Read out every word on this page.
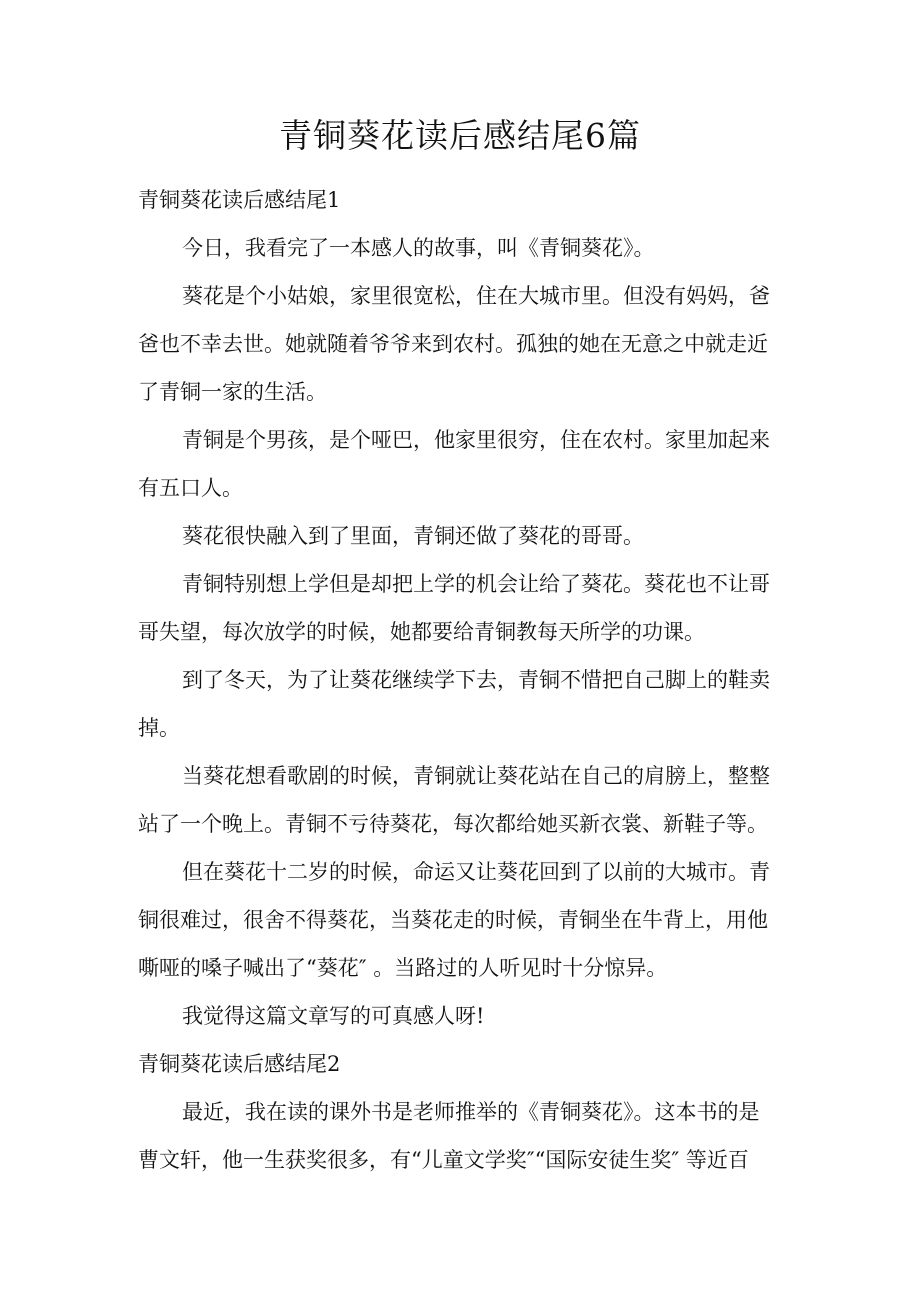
青铜葵花读后感结尾6篇
青铜葵花读后感结尾1
今日，我看完了一本感人的故事，叫《青铜葵花》。
葵花是个小姑娘，家里很宽松，住在大城市里。但没有妈妈，爸
爸也不幸去世。她就随着爷爷来到农村。孤独的她在无意之中就走近
了青铜一家的生活。
青铜是个男孩，是个哑巴，他家里很穷，住在农村。家里加起来
有五口人。
葵花很快融入到了里面，青铜还做了葵花的哥哥。
青铜特别想上学但是却把上学的机会让给了葵花。葵花也不让哥
哥失望，每次放学的时候，她都要给青铜教每天所学的功课。
到了冬天，为了让葵花继续学下去，青铜不惜把自己脚上的鞋卖
掉。
当葵花想看歌剧的时候，青铜就让葵花站在自己的肩膀上，整整
站了一个晚上。青铜不亏待葵花，每次都给她买新衣裳、新鞋子等。
但在葵花十二岁的时候，命运又让葵花回到了以前的大城市。青
铜很难过，很舍不得葵花，当葵花走的时候，青铜坐在牛背上，用他
嘶哑的嗓子喊出了“葵花″ 。当路过的人听见时十分惊异。
我觉得这篇文章写的可真感人呀!
青铜葵花读后感结尾2
最近，我在读的课外书是老师推举的《青铜葵花》。这本书的是
曹文轩，他一生获奖很多，有“儿童文学奖″“国际安徒生奖″ 等近百
